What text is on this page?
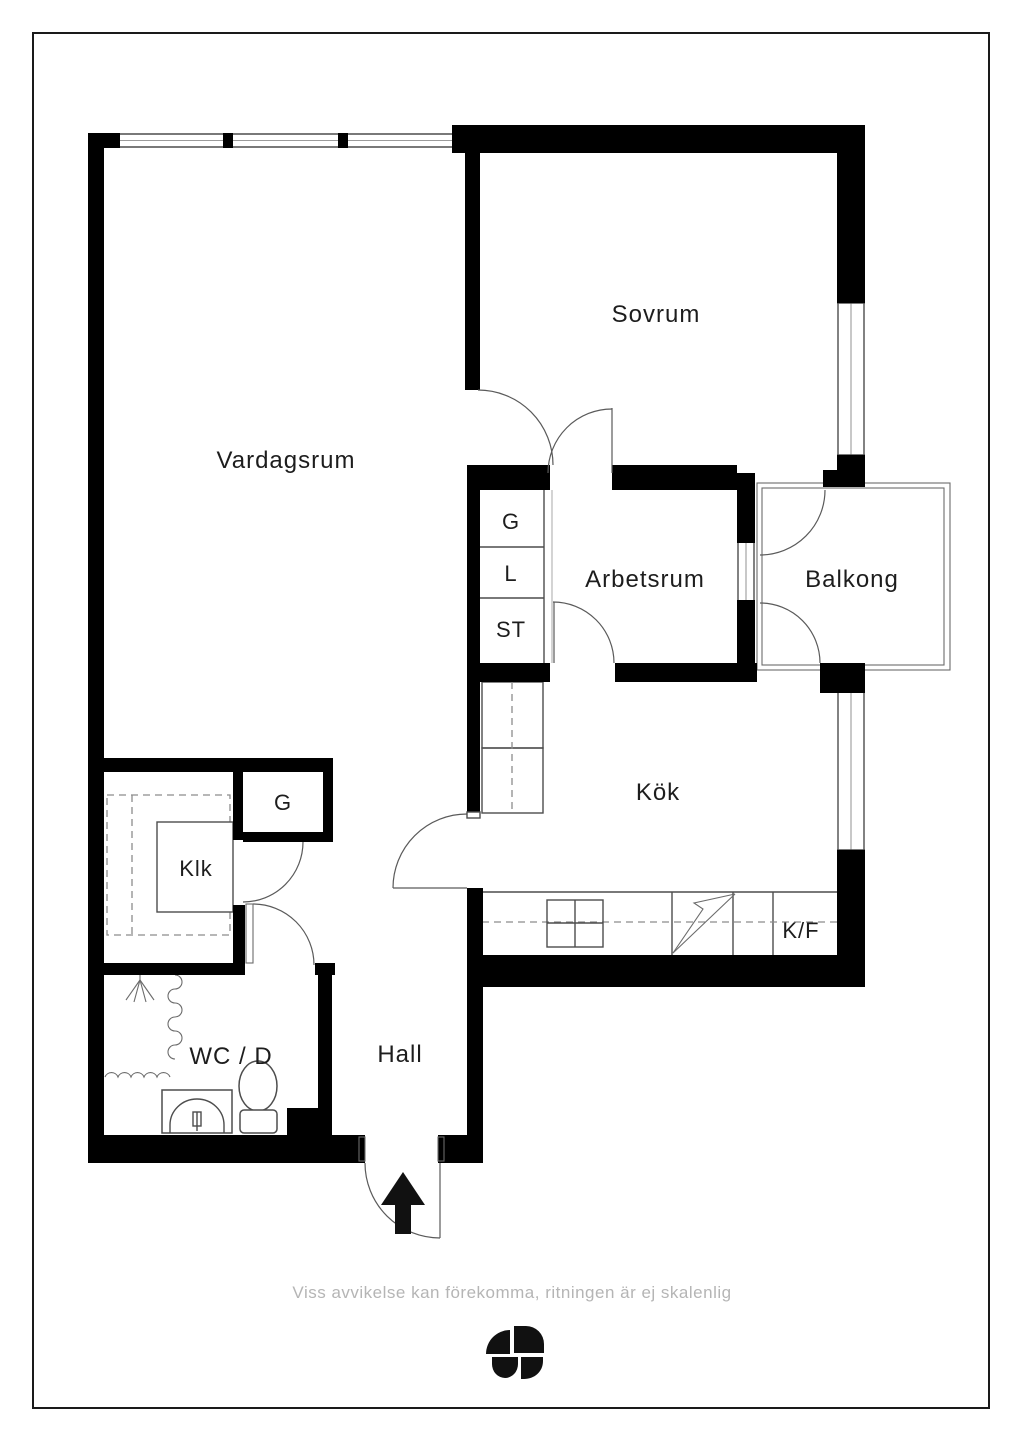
Vardagsrum
Sovrum
Arbetsrum	Balkong
Kök
Klk
Hall
WC / D
G
L
ST
G
K/F
Viss avvikelse kan förekomma, ritningen är ej skalenlig
